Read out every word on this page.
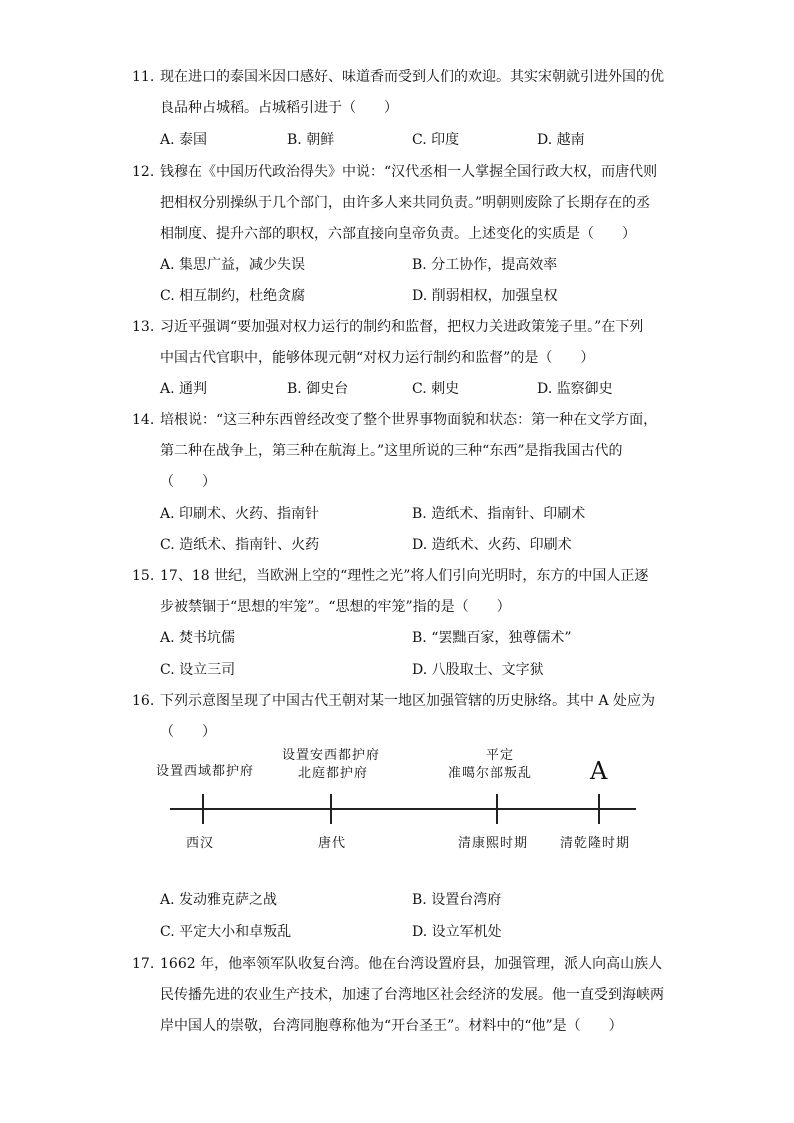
11. 现在进口的泰国米因口感好、味道香而受到人们的欢迎。其实宋朝就引进外国的优
良品种占城稻。占城稻引进于（　　）
A. 泰国	B. 朝鲜	C. 印度	D. 越南
12. 钱穆在《中国历代政治得失》中说：“汉代丞相一人掌握全国行政大权，而唐代则
把相权分别操纵于几个部门，由许多人来共同负责。”明朝则废除了长期存在的丞
相制度、提升六部的职权，六部直接向皇帝负责。上述变化的实质是（　　）
A. 集思广益，减少失误	B. 分工协作，提高效率
C. 相互制约，杜绝贪腐	D. 削弱相权，加强皇权
13. 习近平强调“要加强对权力运行的制约和监督，把权力关进政策笼子里。”在下列
中国古代官职中，能够体现元朝“对权力运行制约和监督”的是（　　）
A. 通判	B. 御史台	C. 刺史	D. 监察御史
14. 培根说：“这三种东西曾经改变了整个世界事物面貌和状态：第一种在文学方面，
第二种在战争上，第三种在航海上。”这里所说的三种“东西”是指我国古代的
（　　）
A. 印刷术、火药、指南针	B. 造纸术、指南针、印刷术
C. 造纸术、指南针、火药	D. 造纸术、火药、印刷术
15. 17、18 世纪，当欧洲上空的“理性之光”将人们引向光明时，东方的中国人正逐
步被禁锢于“思想的牢笼”。“思想的牢笼”指的是（　　）
A. 焚书坑儒	B. “罢黜百家，独尊儒术”
C. 设立三司	D. 八股取士、文字狱
16. 下列示意图呈现了中国古代王朝对某一地区加强管辖的历史脉络。其中 A 处应为
（　　）
设置西域都护府
设置安西都护府
北庭都护府
平定
准噶尔部叛乱 A
西汉	唐代	清康熙时期 清乾隆时期
A. 发动雅克萨之战	B. 设置台湾府
C. 平定大小和卓叛乱	D. 设立军机处
17. 1662 年，他率领军队收复台湾。他在台湾设置府县，加强管理，派人向高山族人
民传播先进的农业生产技术，加速了台湾地区社会经济的发展。他一直受到海峡两
岸中国人的崇敬，台湾同胞尊称他为“开台圣王”。材料中的“他”是（　　）
